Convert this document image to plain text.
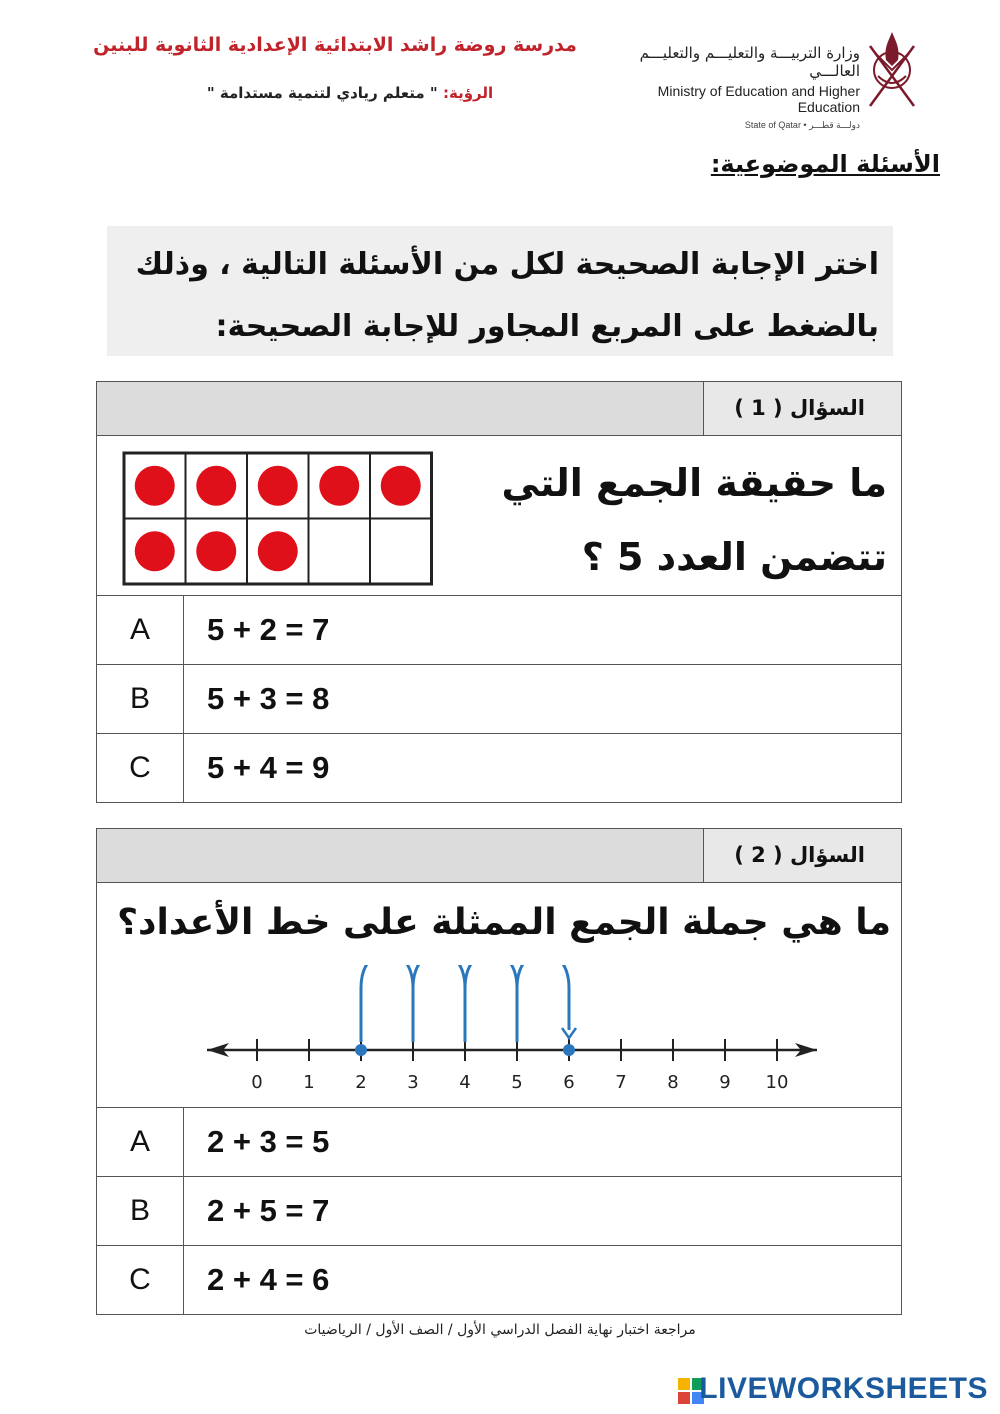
مدرسة روضة راشد الابتدائية الإعدادية الثانوية للبنين
الرؤية: " متعلم ريادي لتنمية مستدامة "
وزارة التربيـــة والتعليـــم والتعليـــم العالـــي
Ministry of Education and Higher Education
State of Qatar • دولـــة قطـــر
الأسئلة الموضوعية:
اختر الإجابة الصحيحة لكل من الأسئلة التالية ، وذلك
بالضغط على المربع المجاور للإجابة الصحيحة:
السؤال ( 1 )
ما حقيقة الجمع التي
تتضمن العدد 5 ؟
A	5 + 2 = 7
B	5 + 3 = 8
C	5 + 4 = 9
السؤال ( 2 )
ما هي جملة الجمع الممثلة على خط الأعداد؟
0 1 2 3 4 5 6 7 8 9 10
A	2 + 3 = 5
B	2 + 5 = 7
C	2 + 4 = 6
مراجعة اختبار نهاية الفصل الدراسي الأول / الصف الأول / الرياضيات
LIVEWORKSHEETS
